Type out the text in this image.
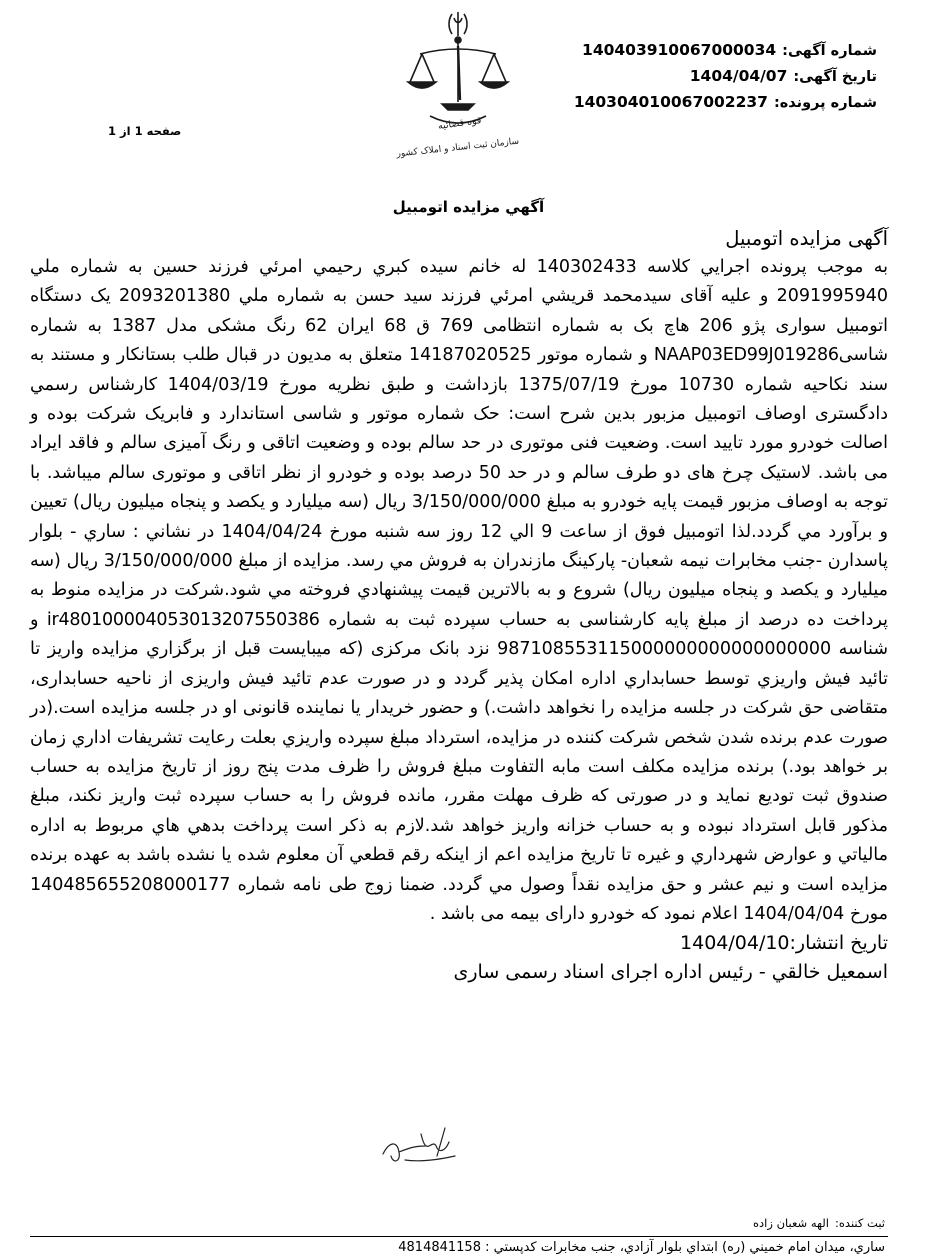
شماره آگهی:140403910067000034
تاریخ آگهی:1404/04/07
شماره پرونده:140304010067002237
قوه قضائیه
سازمان ثبت اسناد و املاک کشور
صفحه 1 از 1
آگهي مزايده اتومبيل
آگهی مزایده اتومبیل

به موجب پرونده اجرايي كلاسه 140302433 له خانم سیده كبري رحيمي امرئي فرزند حسين به شماره ملي 2091995940 و عليه آقای سیدمحمد قريشي امرئي فرزند سيد حسن به شماره ملي 2093201380 یک دستگاه اتومبیل سواری پژو 206 هاچ بک به شماره انتظامی 769 ق 68 ایران 62 رنگ مشکی مدل 1387 به شماره شاسیNAAP03ED99J019286 و شماره موتور 14187020525 متعلق به مديون در قبال طلب بستانکار و مستند به سند نکاحیه شماره 10730 مورخ 1375/07/19 بازداشت و طبق نظريه مورخ 1404/03/19 كارشناس رسمي دادگستری اوصاف اتومبيل مزبور بدين شرح است: حک شماره موتور و شاسی استاندارد و فابریک شرکت بوده و اصالت خودرو مورد تایید است. وضعیت فنی موتوری در حد سالم بوده و وضعیت اتاقی و رنگ آمیزی سالم و فاقد ایراد می باشد. لاستیک چرخ های دو طرف سالم و در حد 50 درصد بوده و خودرو از نظر اتاقی و موتوری سالم میباشد. با توجه به اوصاف مزبور قیمت پایه خودرو به مبلغ 3/150/000/000 ريال (سه میلیارد و یکصد و پنجاه میلیون ريال) تعيين و برآورد مي گردد.لذا اتومبيل فوق از ساعت 9 الي 12 روز سه شنبه مورخ 1404/04/24 در نشاني : ساري - بلوار پاسدارن -جنب مخابرات نیمه شعبان- پارکینگ مازندران به فروش مي رسد. مزايده از مبلغ 3/150/000/000 ريال (سه میلیارد و یکصد و پنجاه میلیون ريال) شروع و به بالاترين قيمت پيشنهادي فروخته مي شود.شرکت در مزایده منوط به پرداخت ده درصد از مبلغ پایه کارشناسی به حساب سپرده ثبت به شماره ir480100004053013207550386 و شناسه 987108553115000000000000000000 نزد بانک مرکزی (که میبایست قبل از برگزاري مزايده واريز تا تائيد فیش واريزي توسط حسابداري اداره امکان پذیر گردد و در صورت عدم تائید فیش واریزی از ناحیه حسابداری، متقاضی حق شرکت در جلسه مزایده را نخواهد داشت.) و حضور خریدار یا نماینده قانونی او در جلسه مزایده است.(در صورت عدم برنده شدن شخص شرکت کننده در مزایده، استرداد مبلغ سپرده واريزي بعلت رعایت تشریفات اداري زمان بر خواهد بود.) برنده مزايده مكلف است مابه التفاوت مبلغ فروش را ظرف مدت پنج روز از تاريخ مزايده به حساب صندوق ثبت توديع نمايد و در صورتی که ظرف مهلت مقرر، مانده فروش را به حساب سپرده ثبت واريز نكند، مبلغ مذكور قابل استرداد نبوده و به حساب خزانه واريز خواهد شد.لازم به ذكر است پرداخت بدهي هاي مربوط به اداره مالياتي و عوارض شهرداري و غيره تا تاريخ مزايده اعم از اينكه رقم قطعي آن معلوم شده يا نشده باشد به عهده برنده مزايده است و نيم عشر و حق مزايده نقداً وصول مي گردد. ضمنا زوج طی نامه شماره 14048565520800017​7 مورخ 1404/04/04 اعلام نمود که خودرو دارای بیمه می باشد .

تاریخ انتشار:1404/04/10
اسمعيل خالقي - رئیس اداره اجرای اسناد رسمی ساری
ثبت کننده:الهه شعبان زاده
ساري، ميدان امام خميني (ره) ابتداي بلوار آزادي، جنب مخابرات كدپستي : 4814841158
